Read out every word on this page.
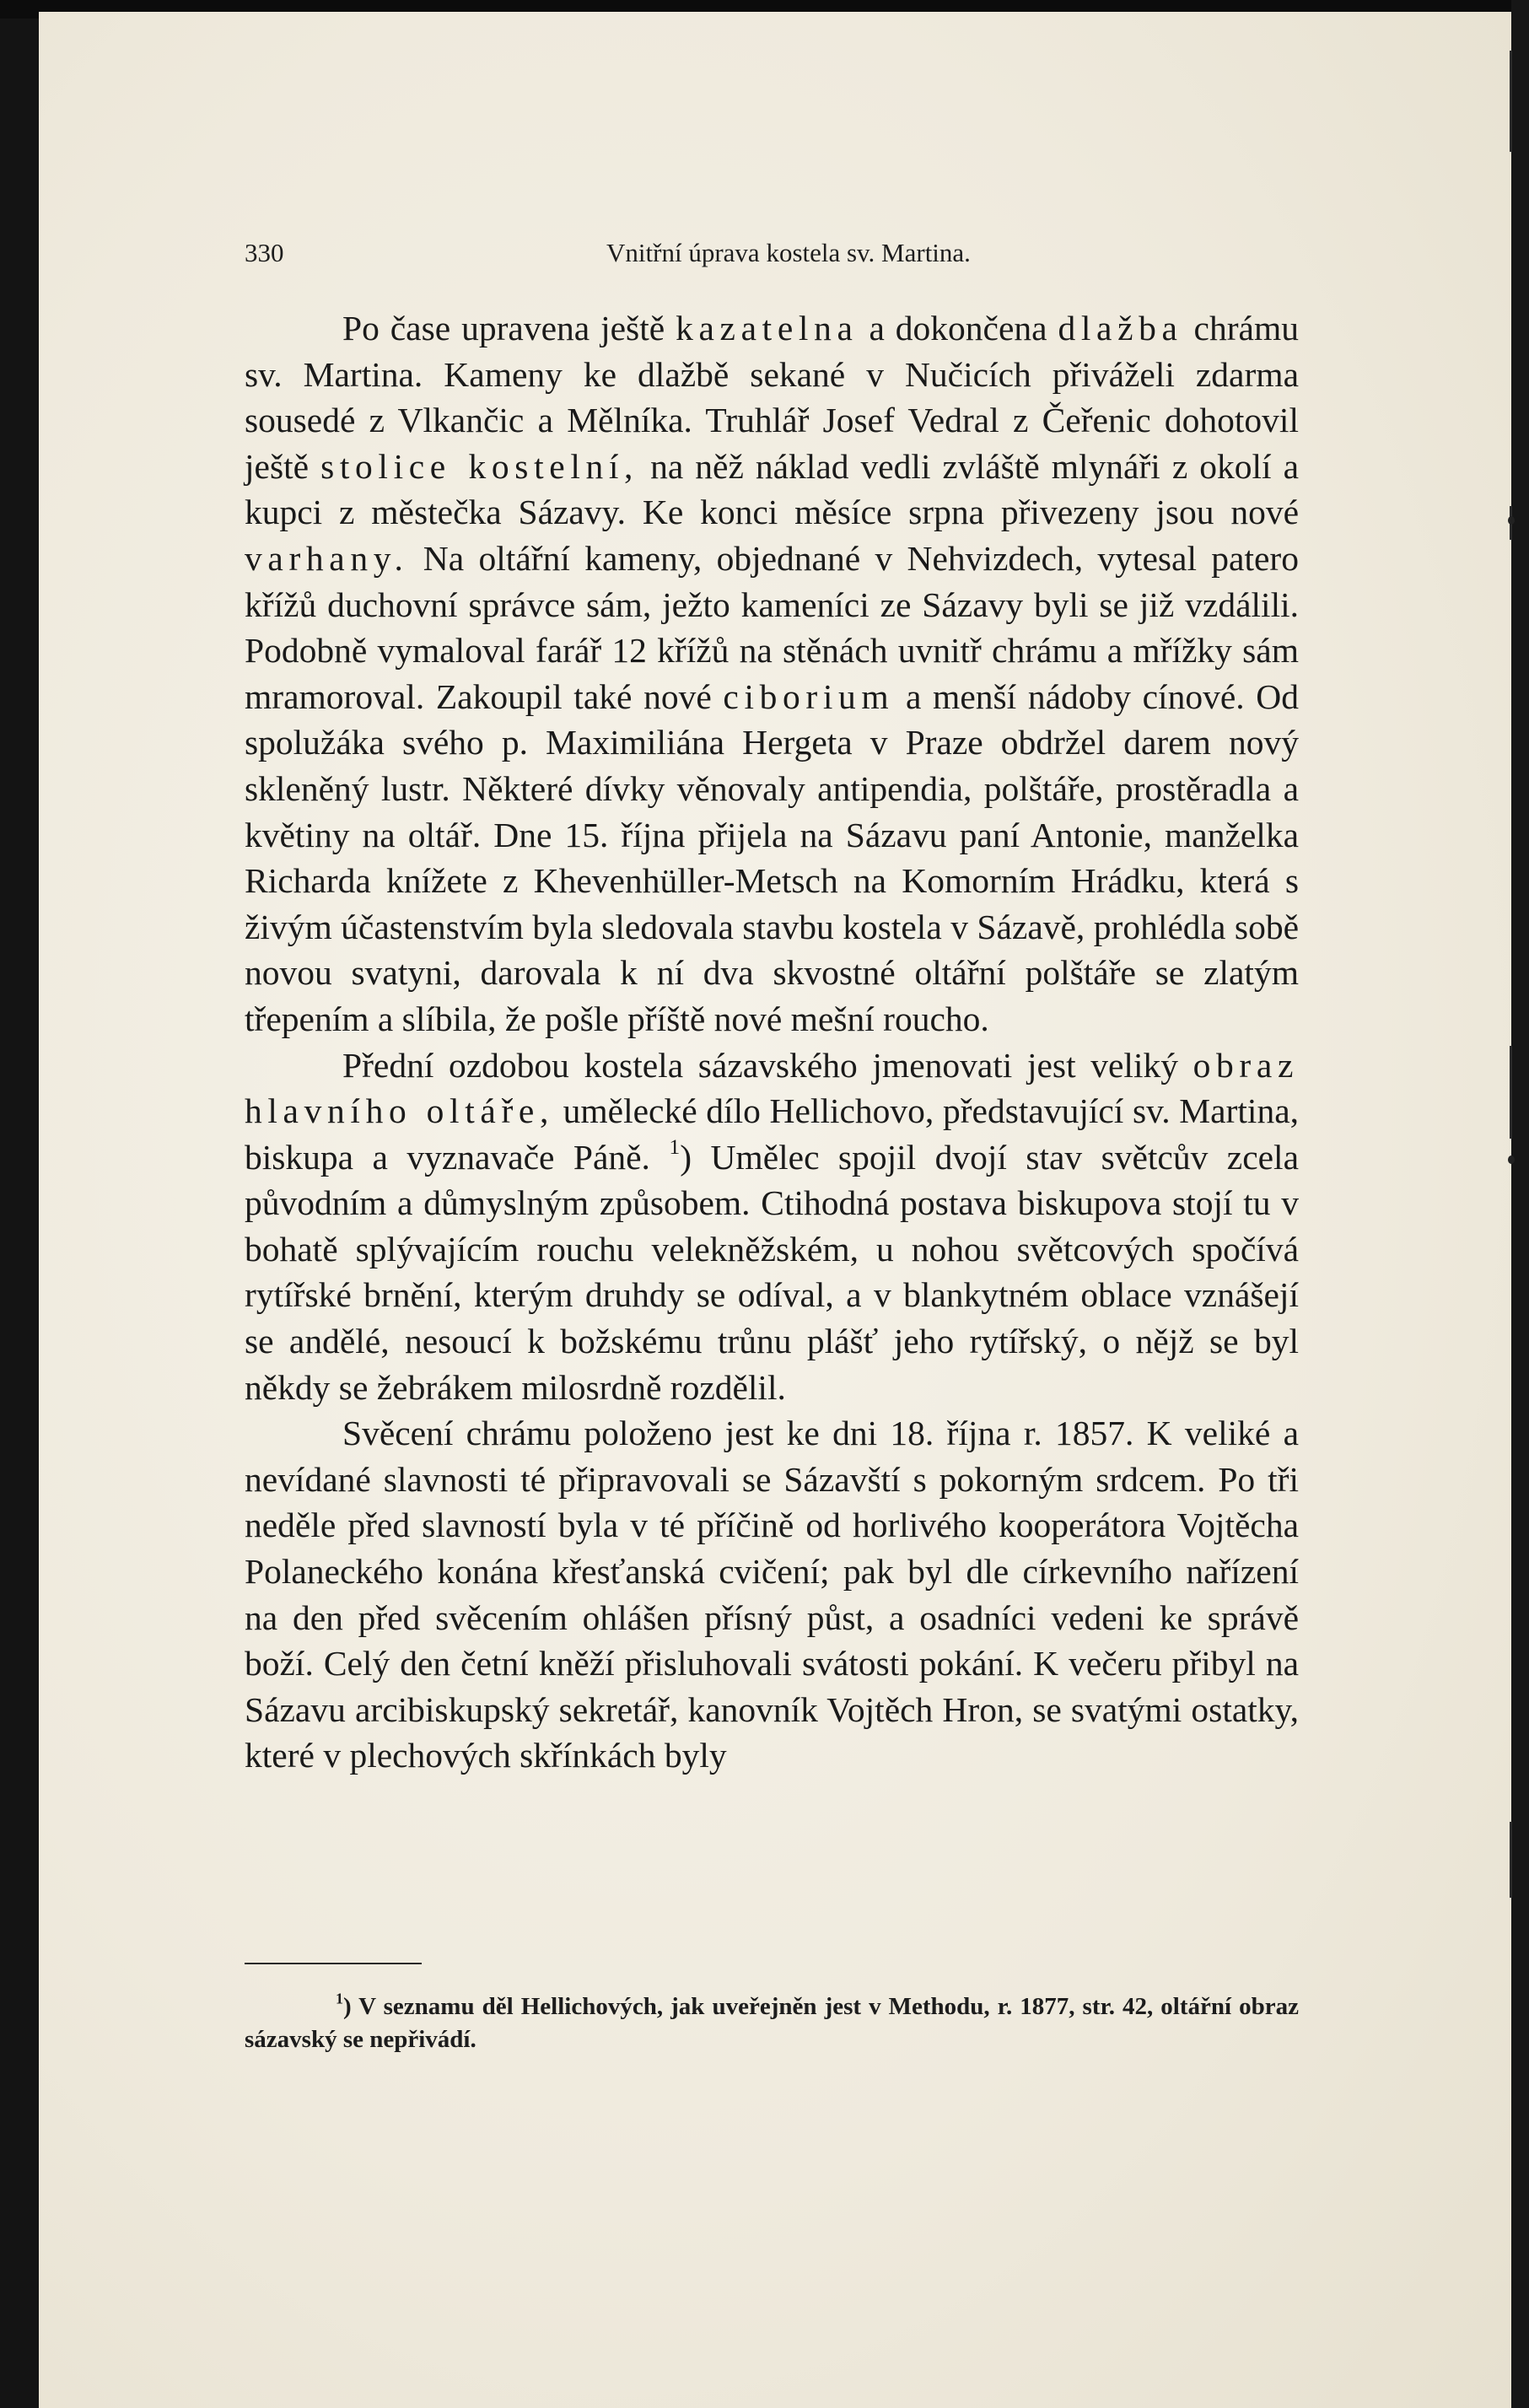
330	Vnitřní úprava kostela sv. Martina.

Po čase upravena ještě kazatelna a dokončena dlažba chrámu sv. Martina. Kameny ke dlažbě sekané v Nučicích přiváželi zdarma sousedé z Vlkančic a Mělníka. Truhlář Josef Vedral z Čeřenic dohotovil ještě stolice kostelní, na něž náklad vedli zvláště mlynáři z okolí a kupci z městečka Sázavy. Ke konci měsíce srpna přivezeny jsou nové varhany. Na oltářní kameny, objednané v Nehvizdech, vytesal patero křížů duchovní správce sám, ježto kameníci ze Sázavy byli se již vzdálili. Podobně vymaloval farář 12 křížů na stěnách uvnitř chrámu a mřížky sám mramoroval. Zakoupil také nové ciborium a menší nádoby cínové. Od spolužáka svého p. Maximiliána Hergeta v Praze obdržel darem nový skleněný lustr. Některé dívky věnovaly antipendia, polštáře, prostěradla a květiny na oltář. Dne 15. října přijela na Sázavu paní Antonie, manželka Richarda knížete z Khevenhüller-Metsch na Komorním Hrádku, která s živým účastenstvím byla sledovala stavbu kostela v Sázavě, prohlédla sobě novou svatyni, darovala k ní dva skvostné oltářní polštáře se zlatým třepením a slíbila, že pošle příště nové mešní roucho.

Přední ozdobou kostela sázavského jmenovati jest veliký obraz hlavního oltáře, umělecké dílo Hellichovo, představující sv. Martina, biskupa a vyznavače Páně. $^1$) Umělec spojil dvojí stav světcův zcela původním a důmyslným způsobem. Ctihodná postava biskupova stojí tu v bohatě splývajícím rouchu velekněžském, u nohou světcových spočívá rytířské brnění, kterým druhdy se odíval, a v blankytném oblace vznášejí se andělé, nesoucí k božskému trůnu plášť jeho rytířský, o nějž se byl někdy se žebrákem milosrdně rozdělil.

Svěcení chrámu položeno jest ke dni 18. října r. 1857. K veliké a nevídané slavnosti té připravovali se Sázavští s pokorným srdcem. Po tři neděle před slavností byla v té příčině od horlivého kooperátora Vojtěcha Polaneckého konána křesťanská cvičení; pak byl dle církevního nařízení na den před svěcením ohlášen přísný půst, a osadníci vedeni ke správě boží. Celý den četní kněží přisluhovali svátosti pokání. K večeru přibyl na Sázavu arcibiskupský sekretář, kanovník Vojtěch Hron, se svatými ostatky, které v plechových skřínkách byly

$^1$) V seznamu děl Hellichových, jak uveřejněn jest v Methodu, r. 1877, str. 42, oltářní obraz sázavský se nepřivádí.
